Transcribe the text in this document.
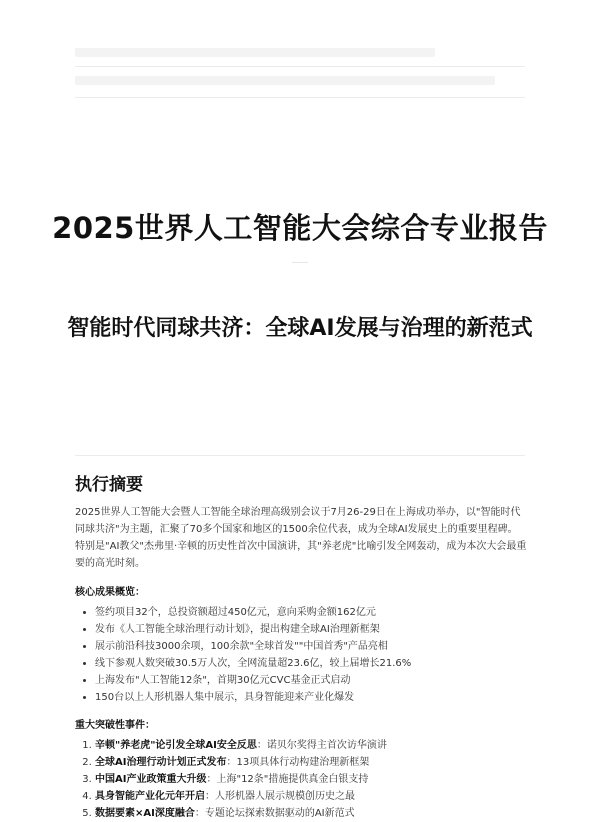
2025世界人工智能大会综合专业报告
智能时代同球共济：全球AI发展与治理的新范式
执行摘要

2025世界人工智能大会暨人工智能全球治理高级别会议于7月26-29日在上海成功举办，以"智能时代 同球共济"为主题，汇聚了70多个国家和地区的1500余位代表，成为全球AI发展史上的重要里程碑。特别是"AI教父"杰弗里·辛顿的历史性首次中国演讲，其"养老虎"比喻引发全网轰动，成为本次大会最重要的高光时刻。

核心成果概览：
• 签约项目32个，总投资额超过450亿元，意向采购金额162亿元
• 发布《人工智能全球治理行动计划》，提出构建全球AI治理新框架
• 展示前沿科技3000余项，100余款"全球首发""中国首秀"产品亮相
• 线下参观人数突破30.5万人次，全网流量超23.6亿，较上届增长21.6%
• 上海发布"人工智能12条"，首期30亿元CVC基金正式启动
• 150台以上人形机器人集中展示，具身智能迎来产业化爆发
重大突破性事件：
1. 辛顿"养老虎"论引发全球AI安全反思：诺贝尔奖得主首次访华演讲
2. 全球AI治理行动计划正式发布：13项具体行动构建治理新框架
3. 中国AI产业政策重大升级：上海"12条"措施提供真金白银支持
4. 具身智能产业化元年开启：人形机器人展示规模创历史之最
5. 数据要素×AI深度融合：专题论坛探索数据驱动的AI新范式
